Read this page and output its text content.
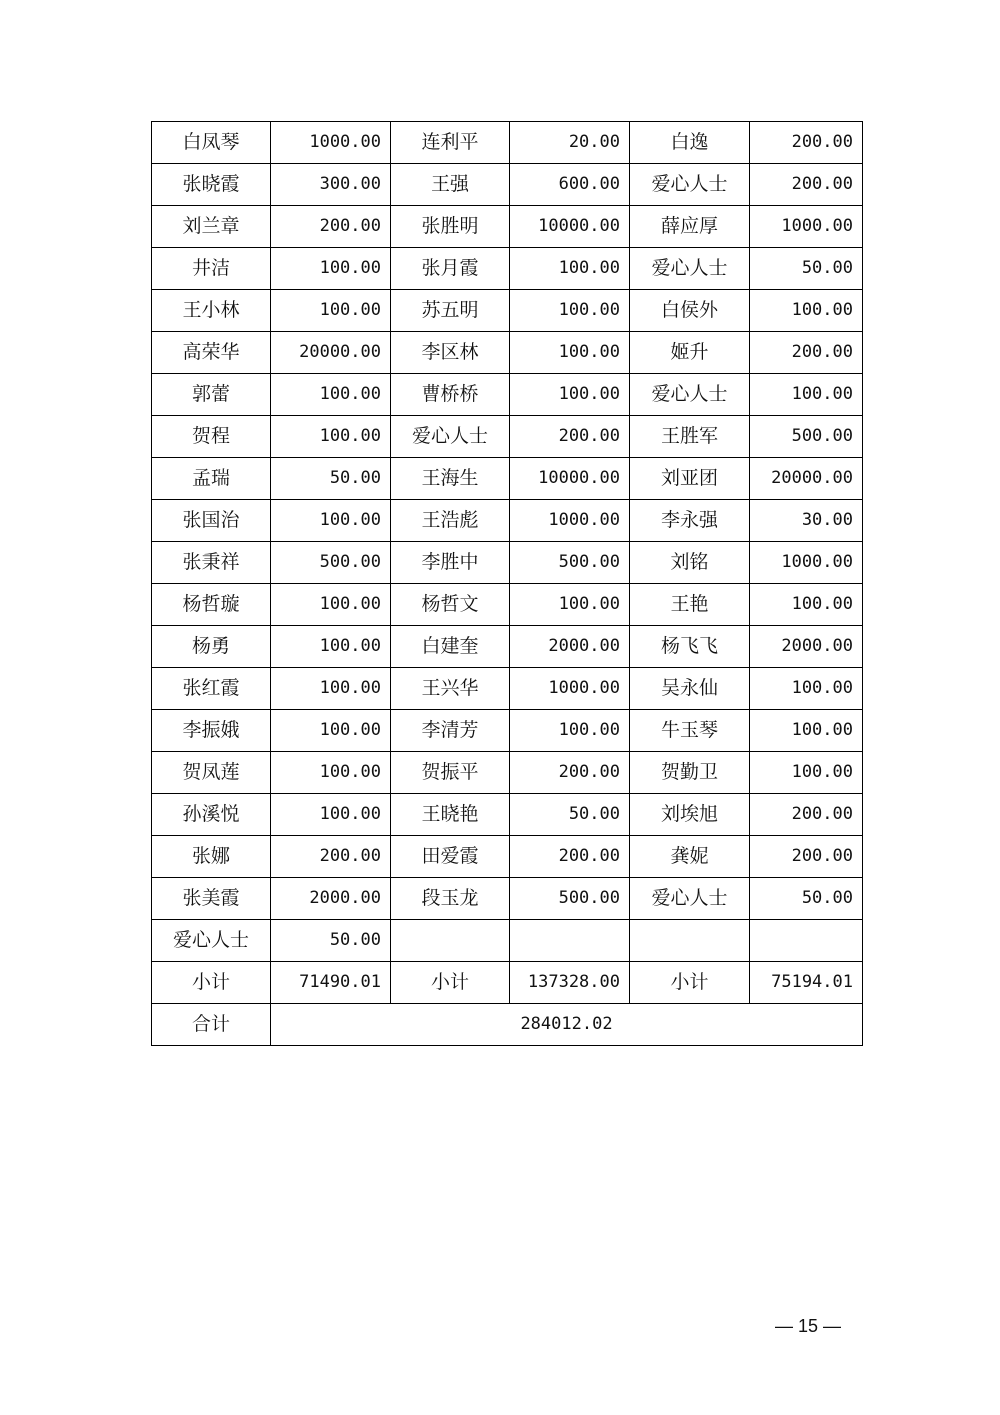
白凤琴	1000.00	连利平	20.00	白逸	200.00
张晓霞	300.00	王强	600.00	爱心人士	200.00
刘兰章	200.00	张胜明	10000.00	薛应厚	1000.00
井洁	100.00	张月霞	100.00	爱心人士	50.00
王小林	100.00	苏五明	100.00	白侯外	100.00
高荣华	20000.00	李区林	100.00	姬升	200.00
郭蕾	100.00	曹桥桥	100.00	爱心人士	100.00
贺程	100.00	爱心人士	200.00	王胜军	500.00
孟瑞	50.00	王海生	10000.00	刘亚团	20000.00
张国治	100.00	王浩彪	1000.00	李永强	30.00
张秉祥	500.00	李胜中	500.00	刘铭	1000.00
杨哲璇	100.00	杨哲文	100.00	王艳	100.00
杨勇	100.00	白建奎	2000.00	杨飞飞	2000.00
张红霞	100.00	王兴华	1000.00	吴永仙	100.00
李振娥	100.00	李清芳	100.00	牛玉琴	100.00
贺凤莲	100.00	贺振平	200.00	贺勤卫	100.00
孙溪悦	100.00	王晓艳	50.00	刘埃旭	200.00
张娜	200.00	田爱霞	200.00	龚妮	200.00
张美霞	2000.00	段玉龙	500.00	爱心人士	50.00
爱心人士	50.00				
小计	71490.01	小计	137328.00	小计	75194.01
合计	284012.02				
— 15 —
